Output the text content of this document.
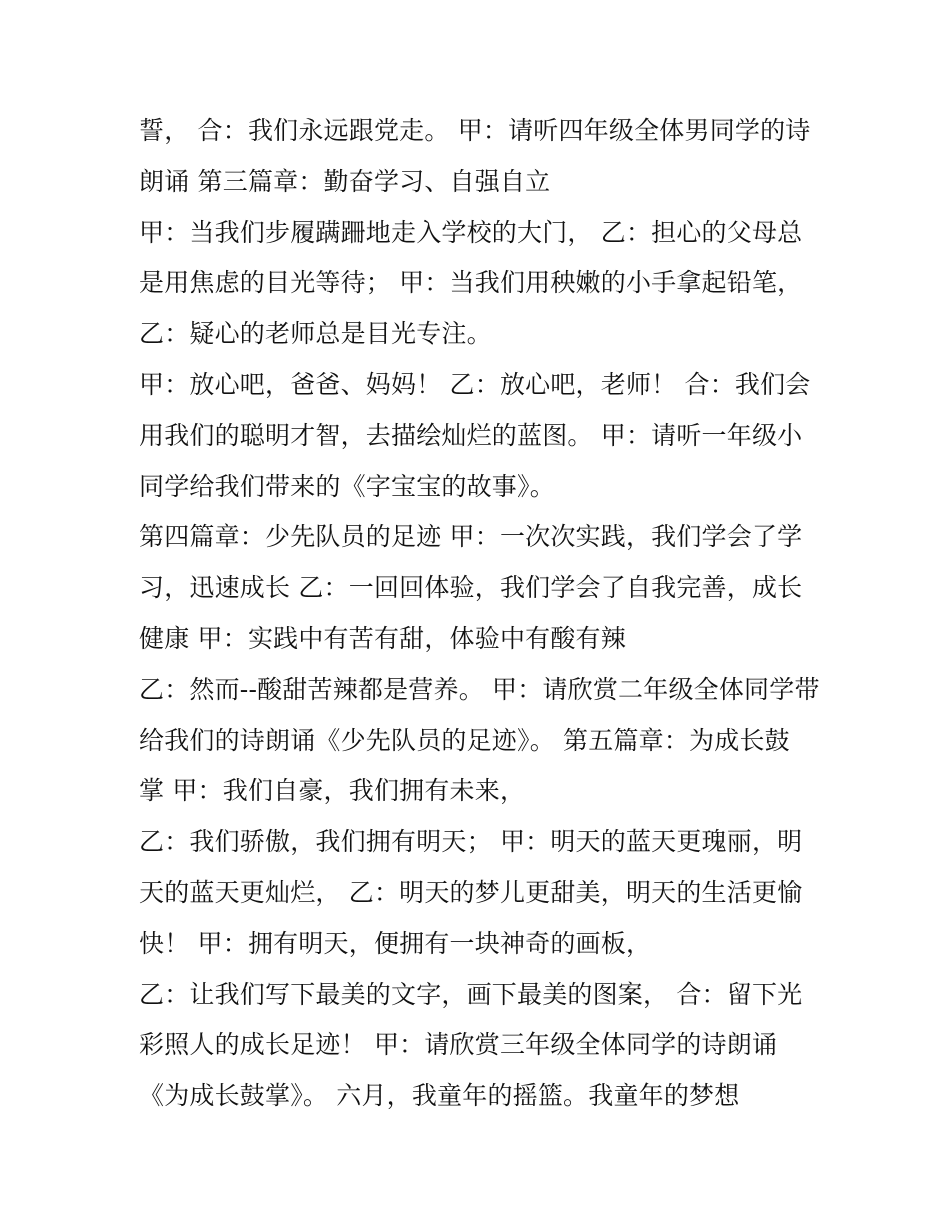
誓， 合：我们永远跟党走。 甲：请听四年级全体男同学的诗
朗诵 第三篇章：勤奋学习、自强自立
甲：当我们步履蹒跚地走入学校的大门， 乙：担心的父母总
是用焦虑的目光等待； 甲：当我们用秧嫩的小手拿起铅笔，
乙：疑心的老师总是目光专注。
甲：放心吧，爸爸、妈妈！ 乙：放心吧，老师！ 合：我们会
用我们的聪明才智，去描绘灿烂的蓝图。 甲：请听一年级小
同学给我们带来的《字宝宝的故事》。
第四篇章：少先队员的足迹 甲：一次次实践，我们学会了学
习，迅速成长 乙：一回回体验，我们学会了自我完善，成长
健康 甲：实践中有苦有甜，体验中有酸有辣
乙：然而--酸甜苦辣都是营养。 甲：请欣赏二年级全体同学带
给我们的诗朗诵《少先队员的足迹》。 第五篇章：为成长鼓
掌 甲：我们自豪，我们拥有未来，
乙：我们骄傲，我们拥有明天； 甲：明天的蓝天更瑰丽，明
天的蓝天更灿烂， 乙：明天的梦儿更甜美，明天的生活更愉
快！ 甲：拥有明天，便拥有一块神奇的画板，
乙：让我们写下最美的文字，画下最美的图案， 合：留下光
彩照人的成长足迹！ 甲：请欣赏三年级全体同学的诗朗诵
《为成长鼓掌》。 六月，我童年的摇篮。我童年的梦想
